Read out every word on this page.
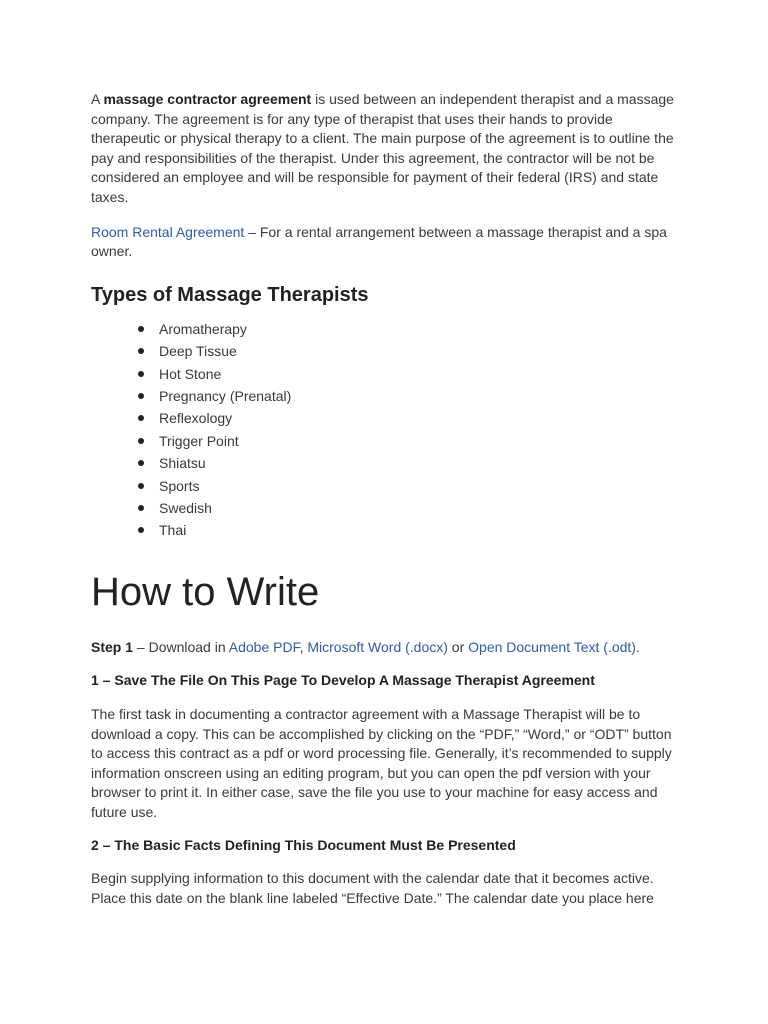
A massage contractor agreement is used between an independent therapist and a massage company. The agreement is for any type of therapist that uses their hands to provide therapeutic or physical therapy to a client. The main purpose of the agreement is to outline the pay and responsibilities of the therapist. Under this agreement, the contractor will be not be considered an employee and will be responsible for payment of their federal (IRS) and state taxes.

Room Rental Agreement – For a rental arrangement between a massage therapist and a spa owner.

Types of Massage Therapists
Aromatherapy
Deep Tissue
Hot Stone
Pregnancy (Prenatal)
Reflexology
Trigger Point
Shiatsu
Sports
Swedish
Thai
How to Write

Step 1 – Download in Adobe PDF, Microsoft Word (.docx) or Open Document Text (.odt).

1 – Save The File On This Page To Develop A Massage Therapist Agreement

The first task in documenting a contractor agreement with a Massage Therapist will be to download a copy. This can be accomplished by clicking on the “PDF,” “Word,” or “ODT” button to access this contract as a pdf or word processing file. Generally, it’s recommended to supply information onscreen using an editing program, but you can open the pdf version with your browser to print it. In either case, save the file you use to your machine for easy access and future use.

2 – The Basic Facts Defining This Document Must Be Presented

Begin supplying information to this document with the calendar date that it becomes active. Place this date on the blank line labeled “Effective Date.” The calendar date you place here
